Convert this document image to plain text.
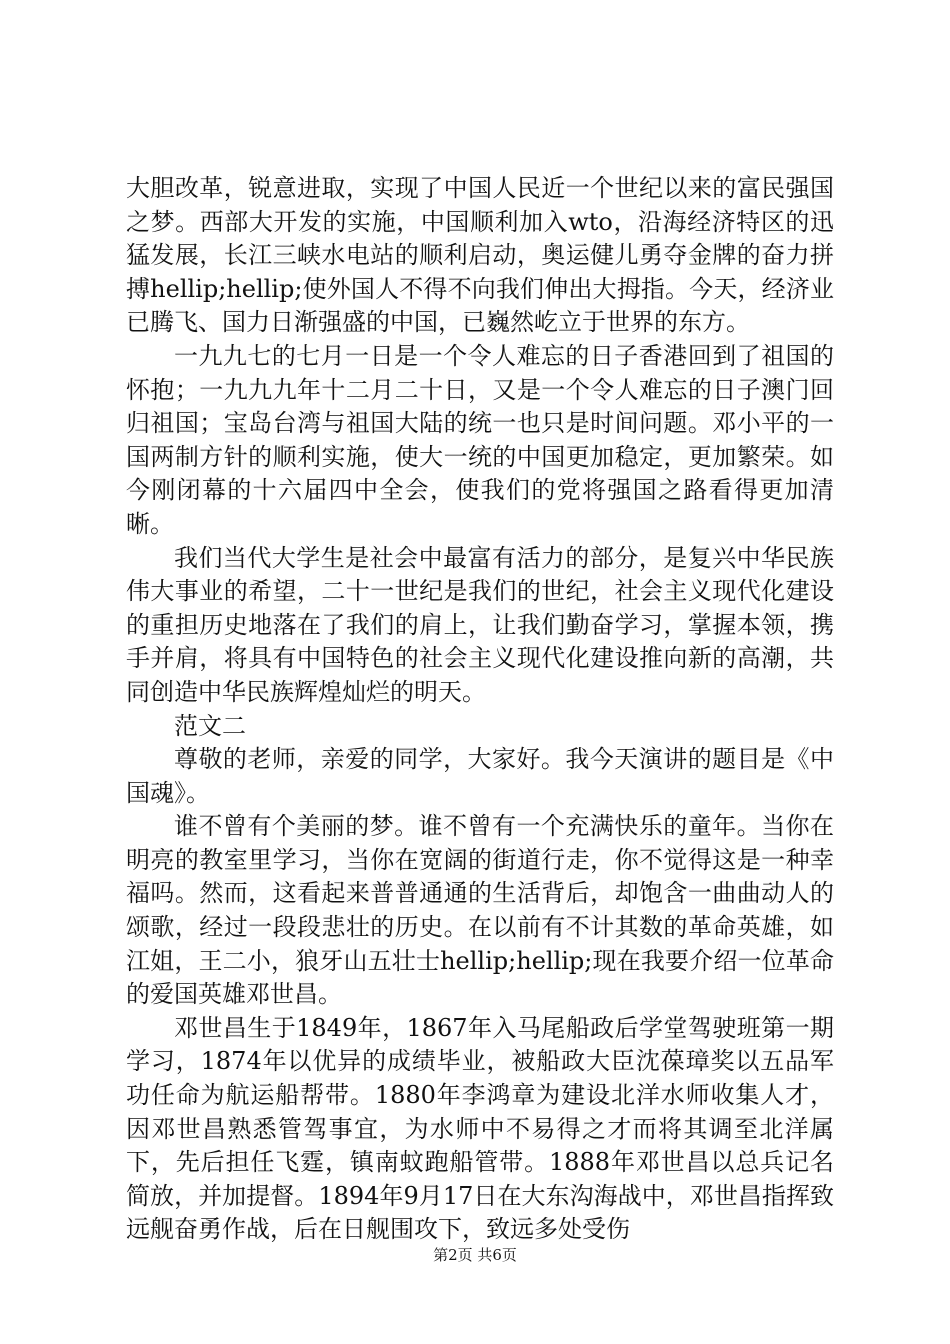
大胆改革，锐意进取，实现了中国人民近一个世纪以来的富民强国之梦。西部大开发的实施，中国顺利加入wto，沿海经济特区的迅猛发展，长江三峡水电站的顺利启动，奥运健儿勇夺金牌的奋力拼搏hellip;hellip;使外国人不得不向我们伸出大拇指。今天，经济业已腾飞、国力日渐强盛的中国，已巍然屹立于世界的东方。

一九九七的七月一日是一个令人难忘的日子香港回到了祖国的怀抱；一九九九年十二月二十日，又是一个令人难忘的日子澳门回归祖国；宝岛台湾与祖国大陆的统一也只是时间问题。邓小平的一国两制方针的顺利实施，使大一统的中国更加稳定，更加繁荣。如今刚闭幕的十六届四中全会，使我们的党将强国之路看得更加清晰。

我们当代大学生是社会中最富有活力的部分，是复兴中华民族伟大事业的希望，二十一世纪是我们的世纪，社会主义现代化建设的重担历史地落在了我们的肩上，让我们勤奋学习，掌握本领，携手并肩，将具有中国特色的社会主义现代化建设推向新的高潮，共同创造中华民族辉煌灿烂的明天。

范文二

尊敬的老师，亲爱的同学，大家好。我今天演讲的题目是《中国魂》。

谁不曾有个美丽的梦。谁不曾有一个充满快乐的童年。当你在明亮的教室里学习，当你在宽阔的街道行走，你不觉得这是一种幸福吗。然而，这看起来普普通通的生活背后，却饱含一曲曲动人的颂歌，经过一段段悲壮的历史。在以前有不计其数的革命英雄，如江姐，王二小，狼牙山五壮士hellip;hellip;现在我要介绍一位革命的爱国英雄邓世昌。

邓世昌生于1849年，1867年入马尾船政后学堂驾驶班第一期学习，1874年以优异的成绩毕业，被船政大臣沈葆璋奖以五品军功任命为航运船帮带。1880年李鸿章为建设北洋水师收集人才，因邓世昌熟悉管驾事宜，为水师中不易得之才而将其调至北洋属下，先后担任飞霆，镇南蚊跑船管带。1888年邓世昌以总兵记名简放，并加提督。1894年9月17日在大东沟海战中，邓世昌指挥致远舰奋勇作战，后在日舰围攻下，致远多处受伤

第2页 共6页
